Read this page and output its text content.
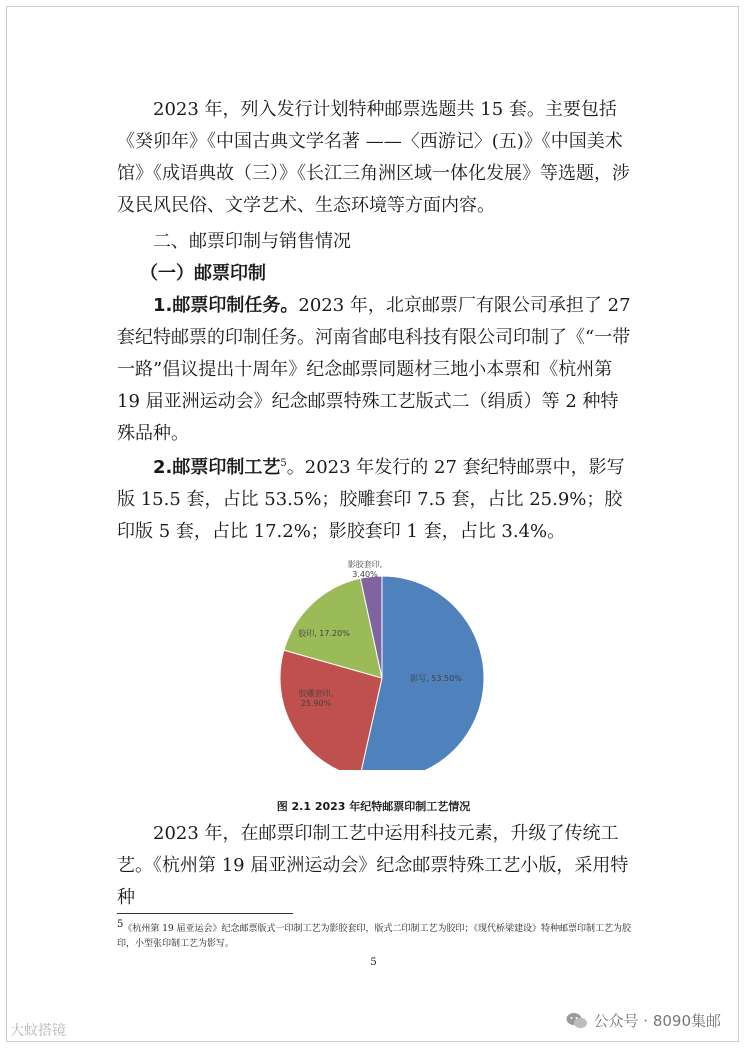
2023 年，列入发行计划特种邮票选题共 15 套。主要包括《癸卯年》《中国古典文学名著 ——〈西游记〉(五)》《中国美术馆》《成语典故（三）》《长江三角洲区域一体化发展》等选题，涉及民风民俗、文学艺术、生态环境等方面内容。

二、邮票印制与销售情况

（一）邮票印制

1.邮票印制任务。2023 年，北京邮票厂有限公司承担了 27 套纪特邮票的印制任务。河南省邮电科技有限公司印制了《“一带一路”倡议提出十周年》纪念邮票同题材三地小本票和《杭州第 19 届亚洲运动会》纪念邮票特殊工艺版式二（绢质）等 2 种特殊品种。

2.邮票印制工艺$^5$。2023 年发行的 27 套纪特邮票中，影写版 15.5 套，占比 53.5%；胶雕套印 7.5 套，占比 25.9%；胶印版 5 套，占比 17.2%；影胶套印 1 套，占比 3.4%。

影写, 53.50%
胶雕套印, 25.90%
胶印, 17.20%
影胶套印, 3.40%
图 2.1 2023 年纪特邮票印制工艺情况

2023 年，在邮票印制工艺中运用科技元素，升级了传统工艺。《杭州第 19 届亚洲运动会》纪念邮票特殊工艺小版，采用特种

5《杭州第 19 届亚运会》纪念邮票版式一印制工艺为影胶套印，版式二印制工艺为胶印；《现代桥梁建设》特种邮票印制工艺为胶印，小型张印制工艺为影写。
5
大蚊搭镜
公众号 · 8090集邮
